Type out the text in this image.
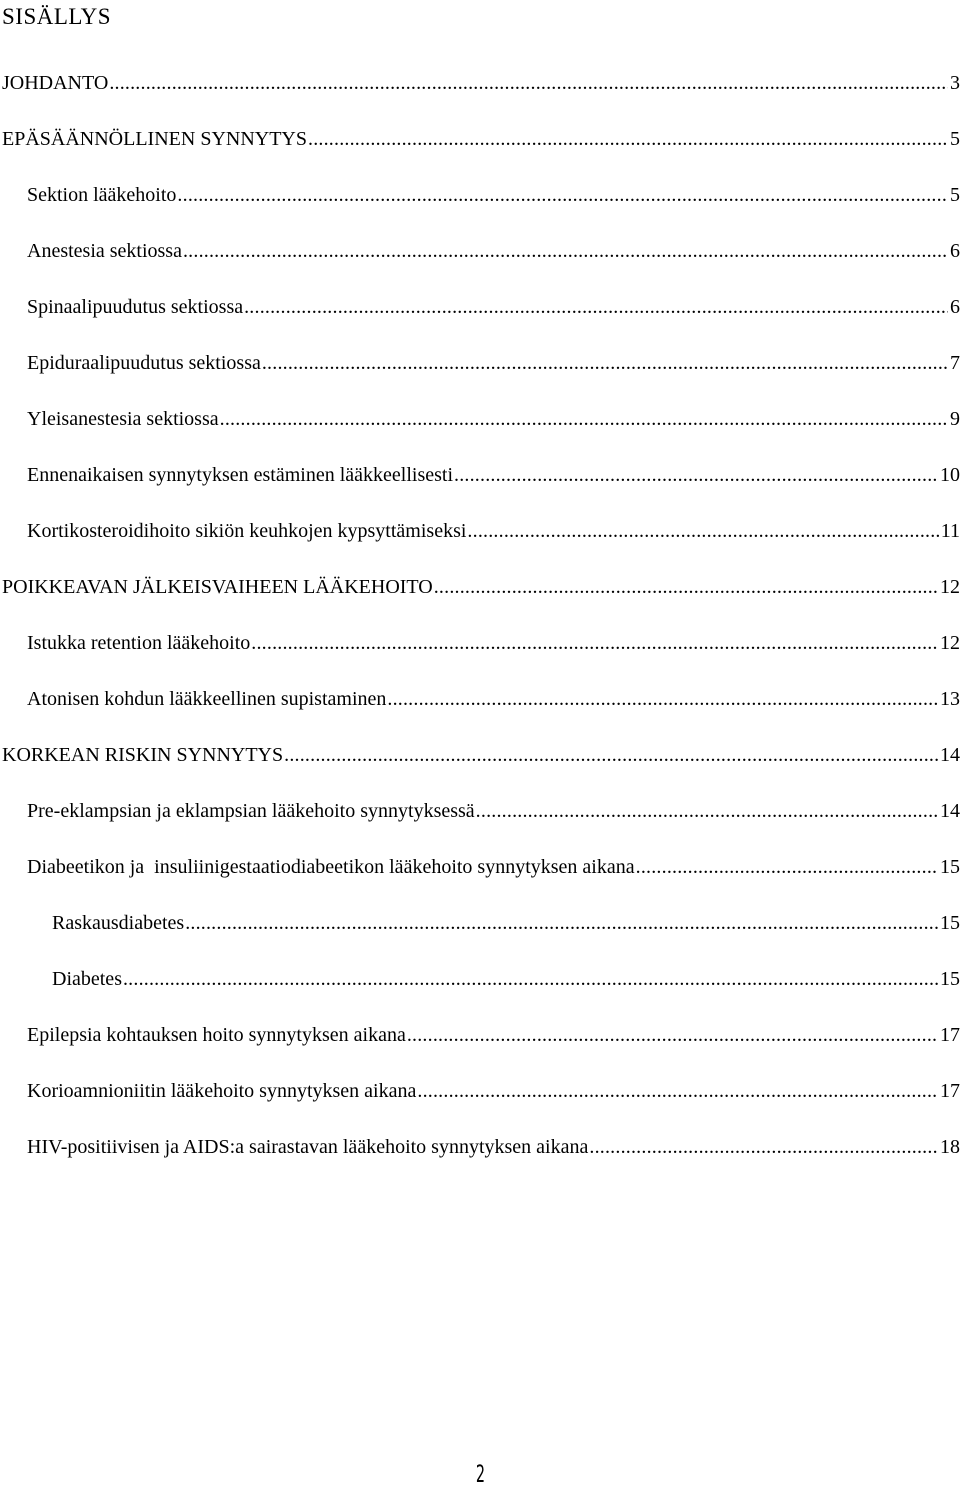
SISÄLLYS
JOHDANTO .....	3
EPÄSÄÄNNÖLLINEN SYNNYTYS .....	5
Sektion lääkehoito .....	5
Anestesia sektiossa .....	6
Spinaalipuudutus sektiossa .....	6
Epiduraalipuudutus sektiossa .....	7
Yleisanestesia sektiossa .....	9
Ennenaikaisen synnytyksen estäminen lääkkeellisesti .....	10
Kortikosteroidihoito sikiön keuhkojen kypsyttämiseksi .....	11
POIKKEAVAN JÄLKEISVAIHEEN LÄÄKEHOITO .....	12
Istukka retention lääkehoito .....	12
Atonisen kohdun lääkkeellinen supistaminen .....	13
KORKEAN RISKIN SYNNYTYS .....	14
Pre-eklampsian ja eklampsian lääkehoito synnytyksessä .....	14
Diabeetikon ja  insuliinigestaatiodiabeetikon lääkehoito synnytyksen aikana .....	15
Raskausdiabetes .....	15
Diabetes .....	15
Epilepsia kohtauksen hoito synnytyksen aikana .....	17
Korioamnioniitin lääkehoito synnytyksen aikana .....	17
HIV-positiivisen ja AIDS:a sairastavan lääkehoito synnytyksen aikana .....	18
2
